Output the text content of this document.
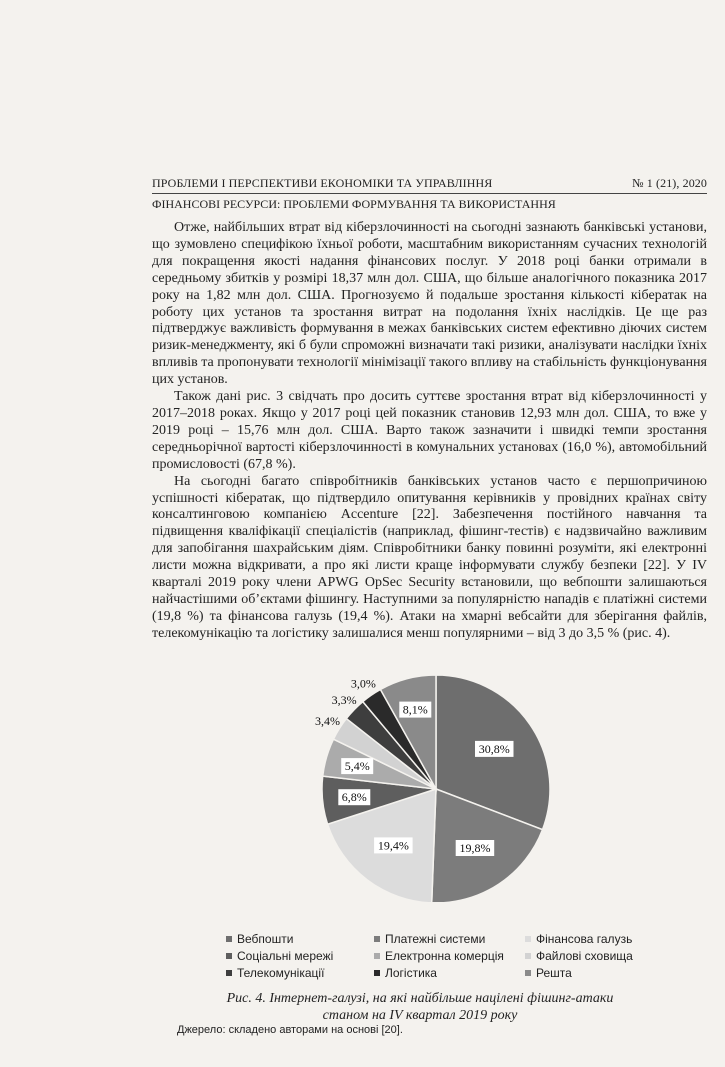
ПРОБЛЕМИ І ПЕРСПЕКТИВИ ЕКОНОМІКИ ТА УПРАВЛІННЯ	№ 1 (21), 2020
ФІНАНСОВІ РЕСУРСИ: ПРОБЛЕМИ ФОРМУВАННЯ ТА ВИКОРИСТАННЯ

Отже, найбільших втрат від кіберзлочинності на сьогодні зазнають банківські установи, що зумовлено специфікою їхньої роботи, масштабним використанням сучасних технологій для покращення якості надання фінансових послуг. У 2018 році банки отримали в середньому збитків у розмірі 18,37 млн дол. США, що більше аналогічного показника 2017 року на 1,82 млн дол. США. Прогнозуємо й подальше зростання кількості кібератак на роботу цих установ та зростання витрат на подолання їхніх наслідків. Це ще раз підтверджує важливість формування в межах банківських систем ефективно діючих систем ризик-менеджменту, які б були спроможні визначати такі ризики, аналізувати наслідки їхніх впливів та пропонувати технології мінімізації такого впливу на стабільність функціонування цих установ.

Також дані рис. 3 свідчать про досить суттєве зростання втрат від кіберзлочинності у 2017–2018 роках. Якщо у 2017 році цей показник становив 12,93 млн дол. США, то вже у 2019 році – 15,76 млн дол. США. Варто також зазначити і швидкі темпи зростання середньорічної вартості кіберзлочинності в комунальних установах (16,0 %), автомобільний промисловості (67,8 %).

На сьогодні багато співробітників банківських установ часто є першопричиною успішності кібератак, що підтвердило опитування керівників у провідних країнах світу консалтинговою компанією Accenture [22]. Забезпечення постійного навчання та підвищення кваліфікації спеціалістів (наприклад, фішинг-тестів) є надзвичайно важливим для запобігання шахрайським діям. Співробітники банку повинні розуміти, які електронні листи можна відкривати, а про які листи краще інформувати службу безпеки [22]. У IV кварталі 2019 року члени APWG OpSec Security встановили, що вебпошти залишаються найчастішими об’єктами фішингу. Наступними за популярністю нападів є платіжні системи (19,8 %) та фінансова галузь (19,4 %). Атаки на хмарні вебсайти для зберігання файлів, телекомунікацію та логістику залишалися менш популярними – від 3 до 3,5 % (рис. 4).

30,8%
19,8%
19,4%
6,8%
5,4%
3,4%
3,3%
3,0%
8,1%
Вебпошти	Платежні системи	Фінансова галузь
Соціальні мережі	Електронна комерція	Файлові сховища
Телекомунікації	Логістика	Решта
Рис. 4. Інтернет-галузі, на які найбільше націлені фішинг-атаки
станом на IV квартал 2019 року
Джерело: складено авторами на основі [20].
